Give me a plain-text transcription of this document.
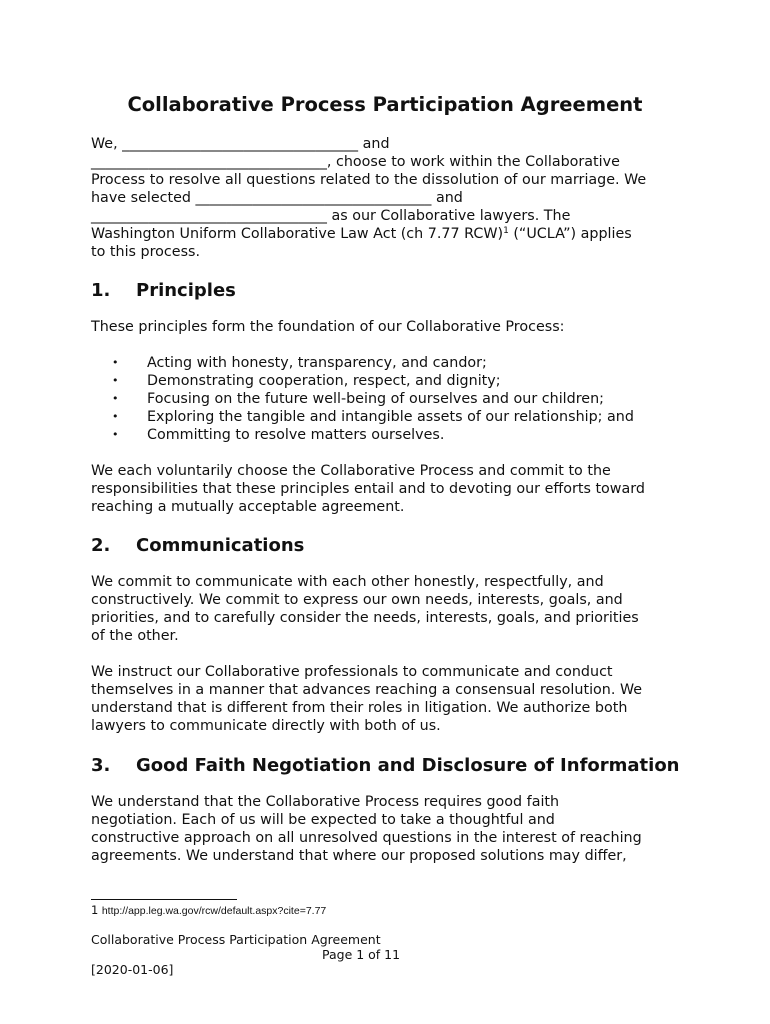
Collaborative Process Participation Agreement
We, _________________________________ and
_________________________________, choose to work within the Collaborative
Process to resolve all questions related to the dissolution of our marriage. We
have selected _________________________________ and
_________________________________ as our Collaborative lawyers. The
Washington Uniform Collaborative Law Act (ch 7.77 RCW)$^1$ (“UCLA”) applies
to this process.
1. Principles
These principles form the foundation of our Collaborative Process:
• Acting with honesty, transparency, and candor;
• Demonstrating cooperation, respect, and dignity;
• Focusing on the future well-being of ourselves and our children;
• Exploring the tangible and intangible assets of our relationship; and
• Committing to resolve matters ourselves.
We each voluntarily choose the Collaborative Process and commit to the
responsibilities that these principles entail and to devoting our efforts toward
reaching a mutually acceptable agreement.
2. Communications
We commit to communicate with each other honestly, respectfully, and
constructively. We commit to express our own needs, interests, goals, and
priorities, and to carefully consider the needs, interests, goals, and priorities
of the other.
We instruct our Collaborative professionals to communicate and conduct
themselves in a manner that advances reaching a consensual resolution. We
understand that is different from their roles in litigation. We authorize both
lawyers to communicate directly with both of us.
3. Good Faith Negotiation and Disclosure of Information
We understand that the Collaborative Process requires good faith
negotiation. Each of us will be expected to take a thoughtful and
constructive approach on all unresolved questions in the interest of reaching
agreements. We understand that where our proposed solutions may differ,
1 http://app.leg.wa.gov/rcw/default.aspx?cite=7.77
Collaborative Process Participation Agreement
Page 1 of 11
[2020-01-06]
